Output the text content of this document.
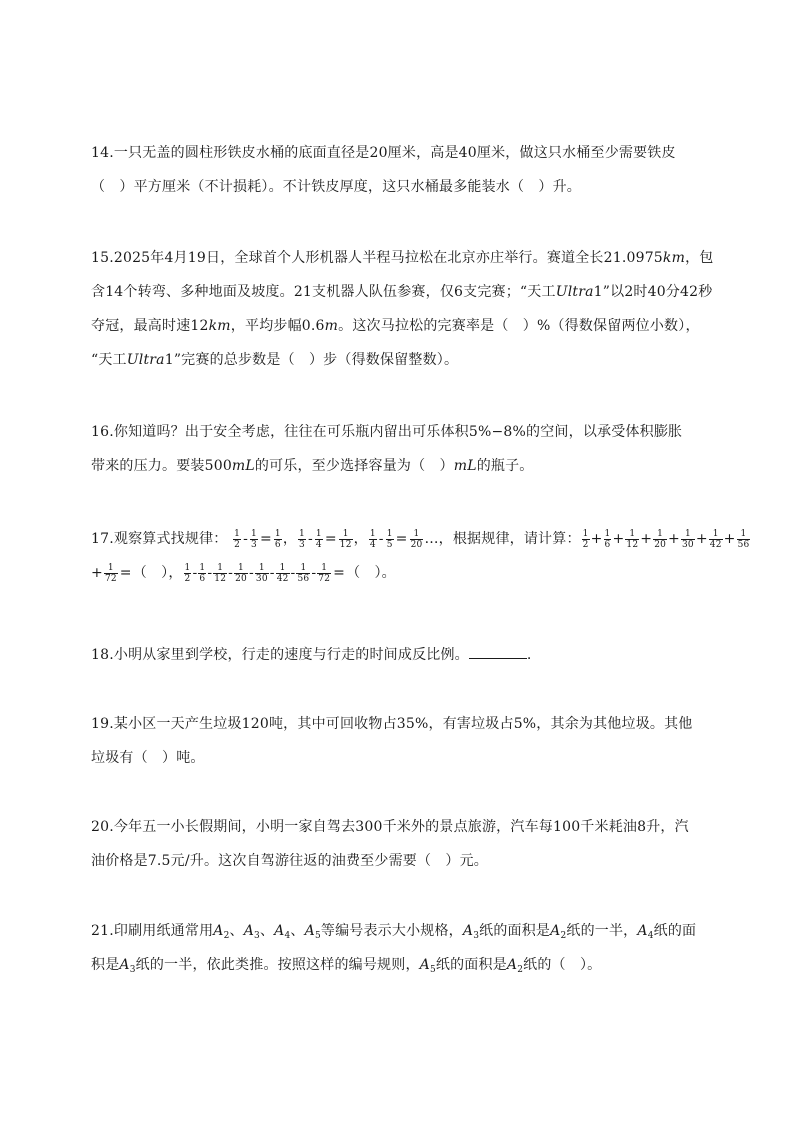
14.一只无盖的圆柱形铁皮水桶的底面直径是20厘米，高是40厘米，做这只水桶至少需要铁皮
（　）平方厘米（不计损耗）。不计铁皮厚度，这只水桶最多能装水（　）升。
15.2025年4月19日，全球首个人形机器人半程马拉松在北京亦庄举行。赛道全长21.0975km，包
含14个转弯、多种地面及坡度。21支机器人队伍参赛，仅6支完赛；“天工Ultra1”以2时40分42秒
夺冠，最高时速12km，平均步幅0.6m。这次马拉松的完赛率是（　）%（得数保留两位小数），
“天工Ultra1”完赛的总步数是（　）步（得数保留整数）。
16.你知道吗？出于安全考虑，往往在可乐瓶内留出可乐体积5%−8%的空间，以承受体积膨胀
带来的压力。要装500mL的可乐，至少选择容量为（　）mL的瓶子。
17.观察算式找规律： $\frac{1}{2} - \frac{1}{3} = \frac{1}{6}$ ， $\frac{1}{3} - \frac{1}{4} = \frac{1}{12}$ ， $\frac{1}{4} - \frac{1}{5} = \frac{1}{20}$ …，根据规律，请计算： $\frac{1}{2} + \frac{1}{6} + \frac{1}{12} + \frac{1}{20} + \frac{1}{30} + \frac{1}{42} + \frac{1}{56}$
+ $\frac{1}{72}$ =（　）， $\frac{1}{2} - \frac{1}{6} - \frac{1}{12} - \frac{1}{20} - \frac{1}{30} - \frac{1}{42} - \frac{1}{56} - \frac{1}{72}$ =（　）。
18.小明从家里到学校，行走的速度与行走的时间成反比例。	.
19.某小区一天产生垃圾120吨，其中可回收物占35%，有害垃圾占5%，其余为其他垃圾。其他
垃圾有（　）吨。
20.今年五一小长假期间，小明一家自驾去300千米外的景点旅游，汽车每100千米耗油8升，汽
油价格是7.5元/升。这次自驾游往返的油费至少需要（　）元。
21.印刷用纸通常用$A_2$、$A_3$、$A_4$、$A_5$等编号表示大小规格，$A_3$纸的面积是$A_2$纸的一半，$A_4$纸的面
积是$A_3$纸的一半，依此类推。按照这样的编号规则，$A_5$纸的面积是$A_2$纸的（　）。
